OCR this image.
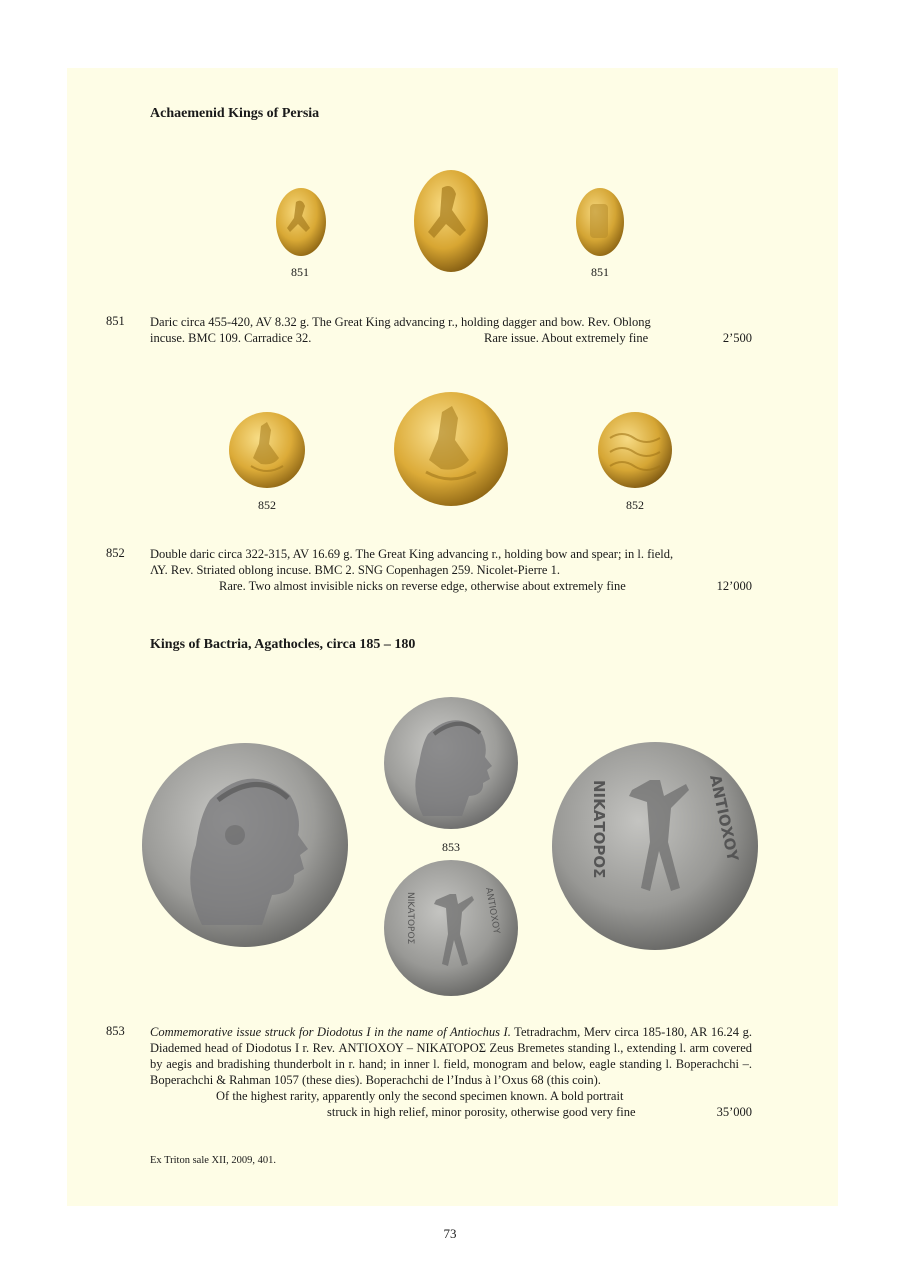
Achaemenid Kings of Persia
851	851
851 Daric circa 455-420, AV 8.32 g. The Great King advancing r., holding dagger and bow. Rev. Oblong
incuse. BMC 109. Carradice 32.	Rare issue. About extremely fine	2’500
852	852
852 Double daric circa 322-315, AV 16.69 g. The Great King advancing r., holding bow and spear; in l. field,
ΛΥ. Rev. Striated oblong incuse. BMC 2. SNG Copenhagen 259. Nicolet-Pierre 1.
Rare. Two almost invisible nicks on reverse edge, otherwise about extremely fine	12’000
Kings of Bactria, Agathocles, circa 185 – 180
853
ΑΝΤΙΟΧΟΥ
ΝΙΚΑΤΟΡΟΣ
ΑΝΤΙΟΧΟΥ
ΝΙΚΑΤΟΡΟΣ
853 Commemorative issue struck for Diodotus I in the name of Antiochus I. Tetradrachm, Merv circa 185-180, AR 16.24 g. Diademed head of Diodotus I r. Rev. ΑΝΤΙΟΧΟΥ – ΝΙΚΑΤΟΡΟΣ Zeus Bremetes standing l., extending l. arm covered by aegis and bradishing thunderbolt in r. hand; in inner l. field, monogram and below, eagle standing l. Boperachchi –. Boperachchi & Rahman 1057 (these dies). Boperachchi de l’Indus à l’Oxus 68 (this coin).

Of the highest rarity, apparently only the second specimen known. A bold portrait
struck in high relief, minor porosity, otherwise good very fine	35’000
Ex Triton sale XII, 2009, 401.
73
